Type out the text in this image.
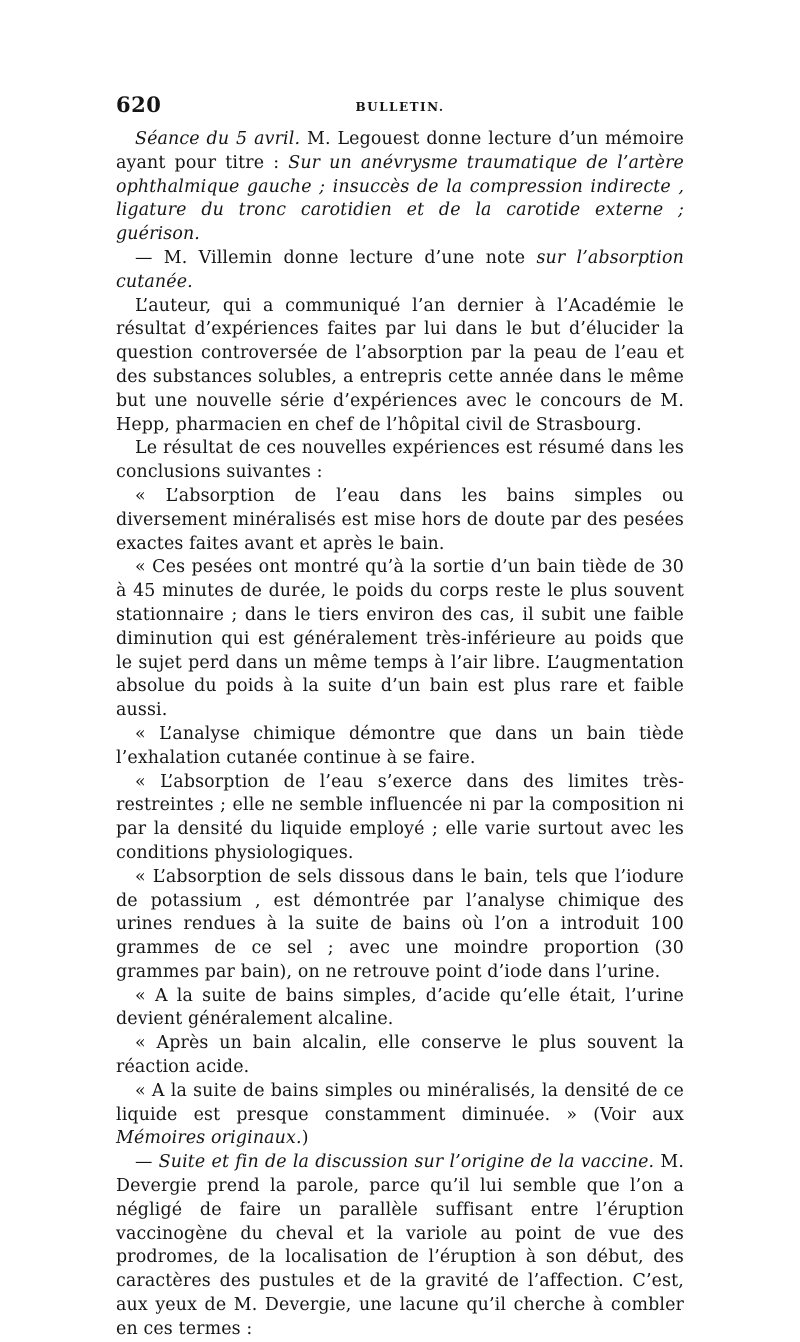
620	BULLETIN.

Séance du 5 avril. M. Legouest donne lecture d’un mémoire ayant pour titre : Sur un anévrysme traumatique de l’artère ophthalmique gauche ; insuccès de la compression indirecte , ligature du tronc carotidien et de la carotide externe ; guérison.

— M. Villemin donne lecture d’une note sur l’absorption cutanée.

L’auteur, qui a communiqué l’an dernier à l’Académie le résultat d’expériences faites par lui dans le but d’élucider la question controversée de l’absorption par la peau de l’eau et des substances solubles, a entrepris cette année dans le même but une nouvelle série d’expériences avec le concours de M. Hepp, pharmacien en chef de l’hôpital civil de Strasbourg.

Le résultat de ces nouvelles expériences est résumé dans les conclusions suivantes :

« L’absorption de l’eau dans les bains simples ou diversement minéralisés est mise hors de doute par des pesées exactes faites avant et après le bain.

« Ces pesées ont montré qu’à la sortie d’un bain tiède de 30 à 45 minutes de durée, le poids du corps reste le plus souvent stationnaire ; dans le tiers environ des cas, il subit une faible diminution qui est généralement très-inférieure au poids que le sujet perd dans un même temps à l’air libre. L’augmentation absolue du poids à la suite d’un bain est plus rare et faible aussi.

« L’analyse chimique démontre que dans un bain tiède l’exhalation cutanée continue à se faire.

« L’absorption de l’eau s’exerce dans des limites très-restreintes ; elle ne semble influencée ni par la composition ni par la densité du liquide employé ; elle varie surtout avec les conditions physiologiques.

« L’absorption de sels dissous dans le bain, tels que l’iodure de potassium , est démontrée par l’analyse chimique des urines rendues à la suite de bains où l’on a introduit 100 grammes de ce sel ; avec une moindre proportion (30 grammes par bain), on ne retrouve point d’iode dans l’urine.

« A la suite de bains simples, d’acide qu’elle était, l’urine devient généralement alcaline.

« Après un bain alcalin, elle conserve le plus souvent la réaction acide.

« A la suite de bains simples ou minéralisés, la densité de ce liquide est presque constamment diminuée. » (Voir aux Mémoires originaux.)

— Suite et fin de la discussion sur l’origine de la vaccine. M. Devergie prend la parole, parce qu’il lui semble que l’on a négligé de faire un parallèle suffisant entre l’éruption vaccinogène du cheval et la variole au point de vue des prodromes, de la localisation de l’éruption à son début, des caractères des pustules et de la gravité de l’affection. C’est, aux yeux de M. Devergie, une lacune qu’il cherche à combler en ces termes :
